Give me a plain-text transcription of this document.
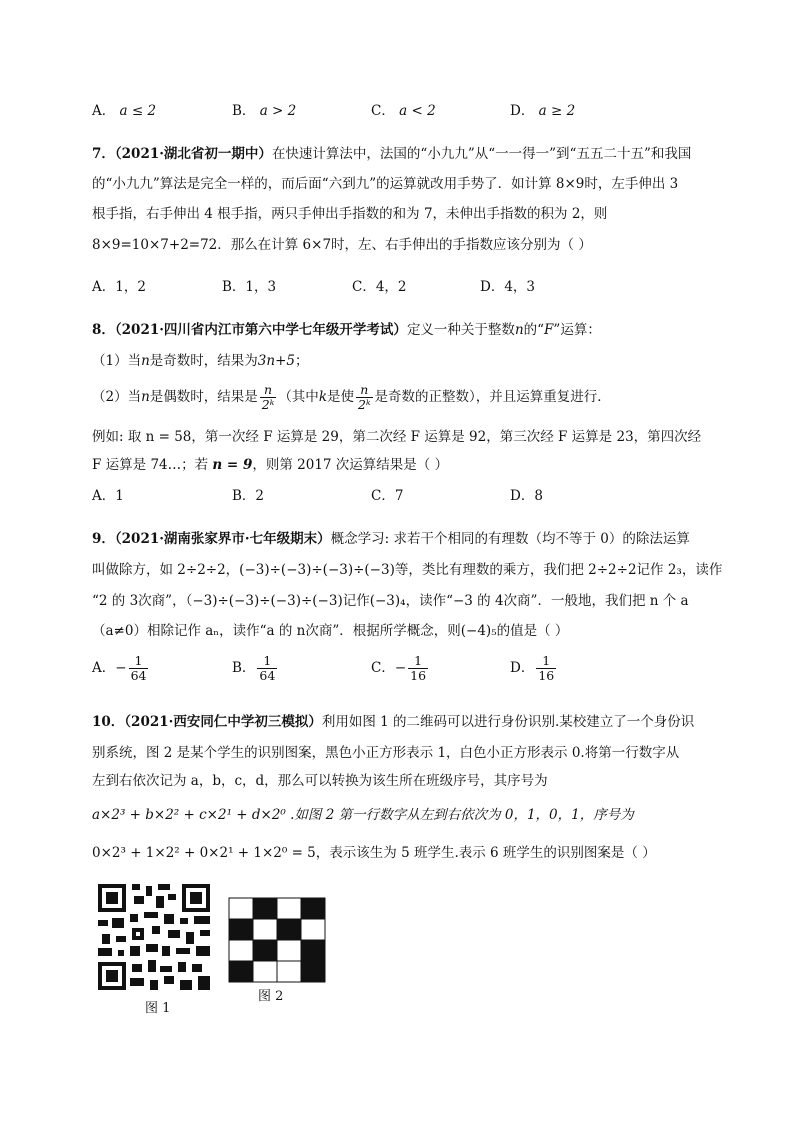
A． a ≤ 2	B． a > 2	C． a < 2	D． a ≥ 2
7．（2021·湖北省初一期中）在快速计算法中，法国的“小九九”从“一一得一”到“五五二十五”和我国
的“小九九”算法是完全一样的，而后面“六到九”的运算就改用手势了．如计算 8×9时，左手伸出 3
根手指，右手伸出 4 根手指，两只手伸出手指数的和为 7，未伸出手指数的积为 2，则
8×9=10×7+2=72．那么在计算 6×7时，左、右手伸出的手指数应该分别为（ ）
A．1，2	B．1，3	C．4，2	D．4，3
8．（2021·四川省内江市第六中学七年级开学考试）定义一种关于整数n的“F”运算：
（1）当n是奇数时，结果为3n+5；
（2）当n是偶数时，结果是 $\frac{n}{\text{2ᵏ}}$ （其中k是使 $\frac{n}{\text{2ᵏ}}$ 是奇数的正整数），并且运算重复进行．
例如: 取 n = 58，第一次经 F 运算是 29，第二次经 F 运算是 92，第三次经 F 运算是 23，第四次经
F 运算是 74…；若 n = 9，则第 2017 次运算结果是（ ）
A．1	B．2	C．7	D．8
9．（2021·湖南张家界市·七年级期末）概念学习: 求若干个相同的有理数（均不等于 0）的除法运算
叫做除方，如 2÷2÷2，(−3)÷(−3)÷(−3)÷(−3)等，类比有理数的乘方，我们把 2÷2÷2记作 2₃，读作
“2 的 3次商”，（−3)÷(−3)÷(−3)÷(−3)记作(−3)₄，读作“−3 的 4次商”．一般地，我们把 n 个 a
（a≠0）相除记作 aₙ，读作“a 的 n次商”．根据所学概念，则(−4)₅的值是（ ）
A．− $\frac{1}{64}$	B． $\frac{1}{64}$	C．− $\frac{1}{16}$	D． $\frac{1}{16}$
10．（2021·西安同仁中学初三模拟）利用如图 1 的二维码可以进行身份识别.某校建立了一个身份识
别系统，图 2 是某个学生的识别图案，黑色小正方形表示 1，白色小正方形表示 0.将第一行数字从
左到右依次记为 a，b，c，d，那么可以转换为该生所在班级序号，其序号为
a×2³ + b×2² + c×2¹ + d×2⁰ .如图 2 第一行数字从左到右依次为 0，1，0，1，序号为
0×2³ + 1×2² + 0×2¹ + 1×2⁰ = 5，表示该生为 5 班学生.表示 6 班学生的识别图案是（ ）
图 1
图 2
